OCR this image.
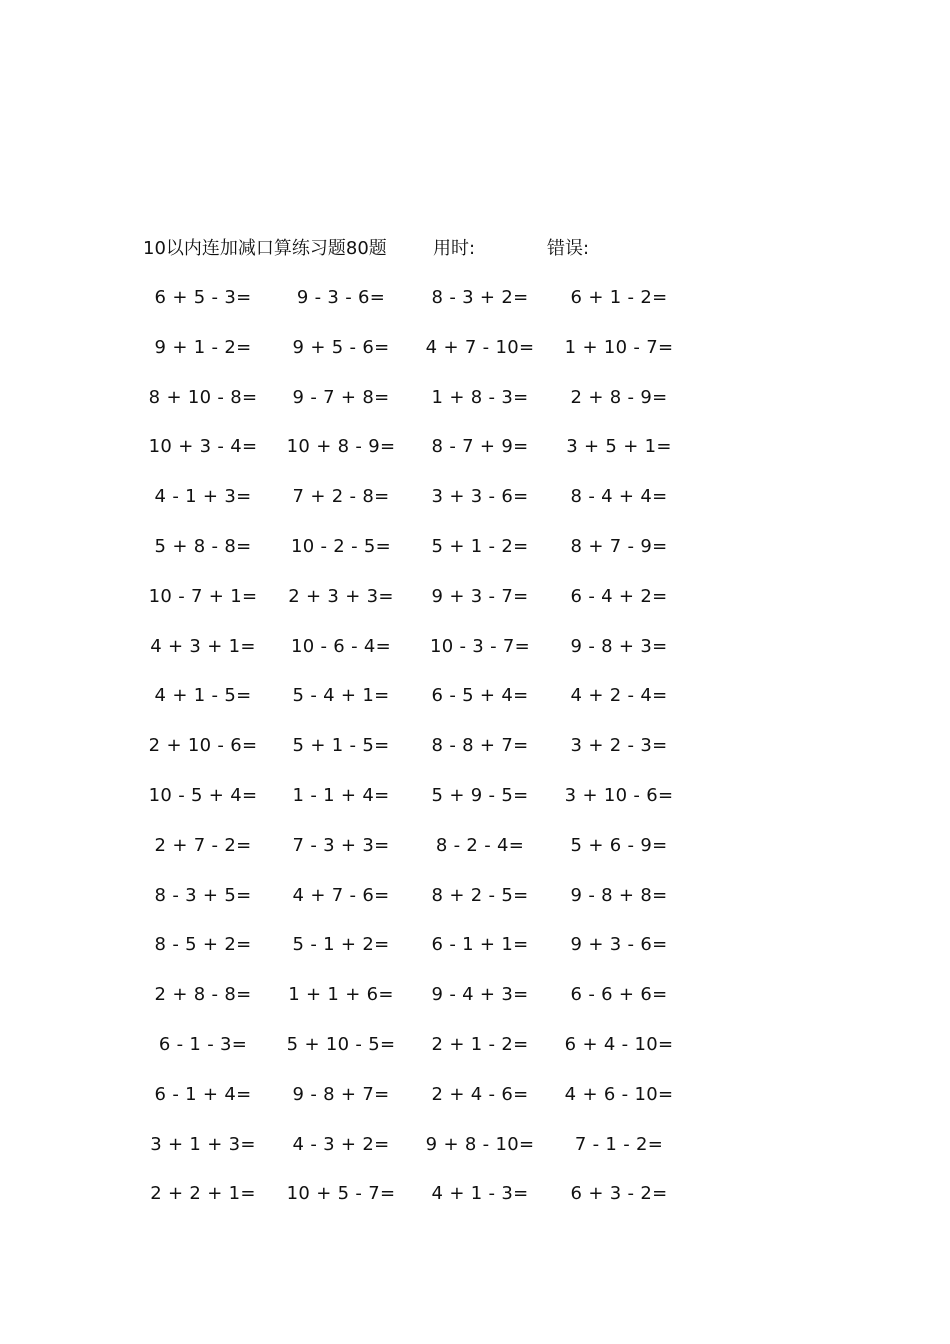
10以内连加减口算练习题80题	用时:	错误:
6 + 5 - 3=	9 - 3 - 6=	8 - 3 + 2=	6 + 1 - 2=
9 + 1 - 2=	9 + 5 - 6=	4 + 7 - 10=	1 + 10 - 7=
8 + 10 - 8=	9 - 7 + 8=	1 + 8 - 3=	2 + 8 - 9=
10 + 3 - 4=	10 + 8 - 9=	8 - 7 + 9=	3 + 5 + 1=
4 - 1 + 3=	7 + 2 - 8=	3 + 3 - 6=	8 - 4 + 4=
5 + 8 - 8=	10 - 2 - 5=	5 + 1 - 2=	8 + 7 - 9=
10 - 7 + 1=	2 + 3 + 3=	9 + 3 - 7=	6 - 4 + 2=
4 + 3 + 1=	10 - 6 - 4=	10 - 3 - 7=	9 - 8 + 3=
4 + 1 - 5=	5 - 4 + 1=	6 - 5 + 4=	4 + 2 - 4=
2 + 10 - 6=	5 + 1 - 5=	8 - 8 + 7=	3 + 2 - 3=
10 - 5 + 4=	1 - 1 + 4=	5 + 9 - 5=	3 + 10 - 6=
2 + 7 - 2=	7 - 3 + 3=	8 - 2 - 4=	5 + 6 - 9=
8 - 3 + 5=	4 + 7 - 6=	8 + 2 - 5=	9 - 8 + 8=
8 - 5 + 2=	5 - 1 + 2=	6 - 1 + 1=	9 + 3 - 6=
2 + 8 - 8=	1 + 1 + 6=	9 - 4 + 3=	6 - 6 + 6=
6 - 1 - 3=	5 + 10 - 5=	2 + 1 - 2=	6 + 4 - 10=
6 - 1 + 4=	9 - 8 + 7=	2 + 4 - 6=	4 + 6 - 10=
3 + 1 + 3=	4 - 3 + 2=	9 + 8 - 10=	7 - 1 - 2=
2 + 2 + 1=	10 + 5 - 7=	4 + 1 - 3=	6 + 3 - 2=
